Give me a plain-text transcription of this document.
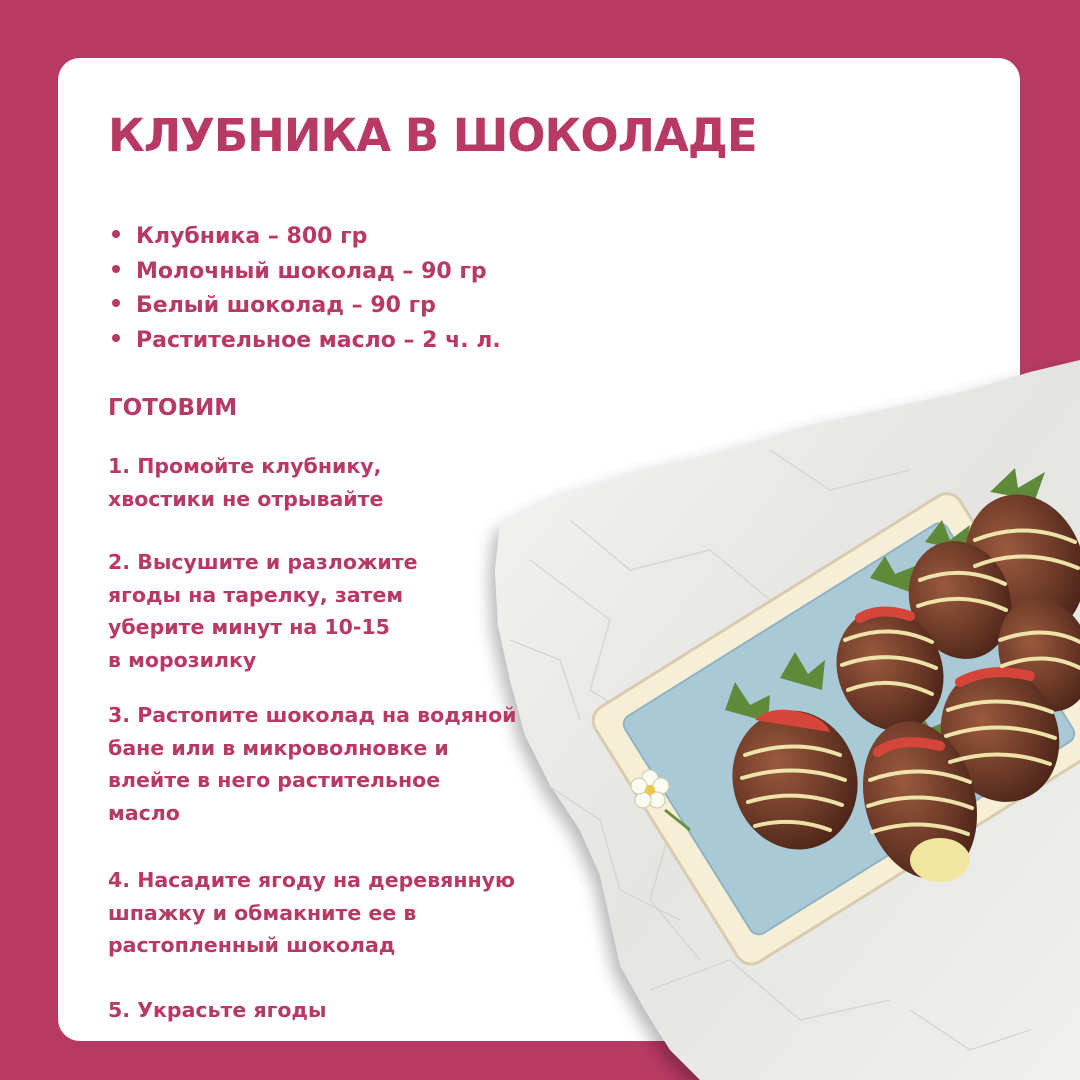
КЛУБНИКА В ШОКОЛАДЕ
Клубника – 800 гр
Молочный шоколад – 90 гр
Белый шоколад – 90 гр
Растительное масло – 2 ч. л.
ГОТОВИМ

1. Промойте клубнику,
хвостики не отрывайте

2. Высушите и разложите
ягоды на тарелку, затем
уберите минут на 10-15
в морозилку

3. Растопите шоколад на водяной
бане или в микроволновке и
влейте в него растительное
масло

4. Насадите ягоду на деревянную
шпажку и обмакните ее в
растопленный шоколад

5. Украсьте ягоды
